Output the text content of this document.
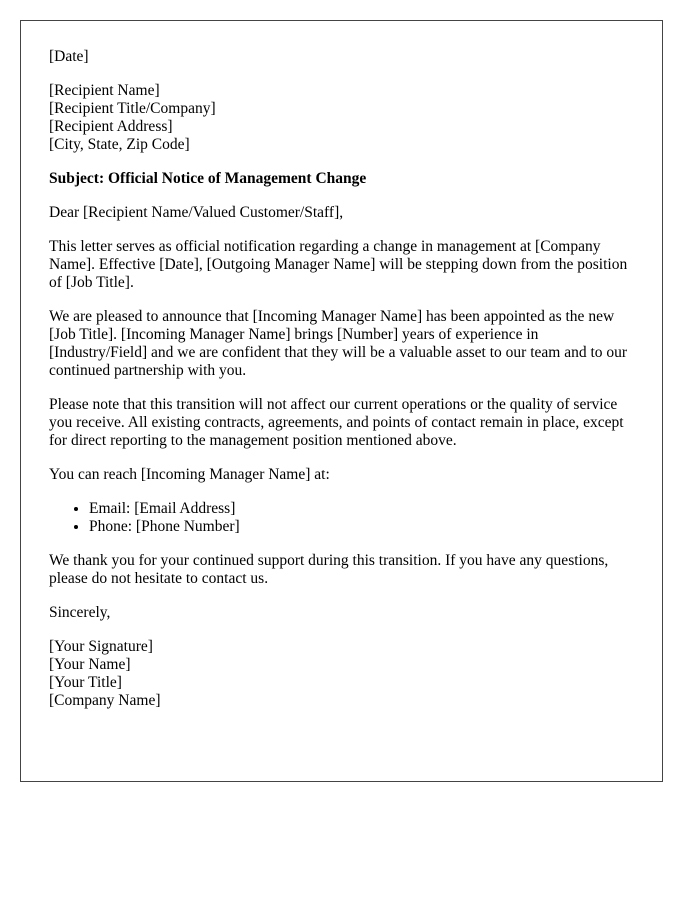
[Date]

[Recipient Name]
[Recipient Title/Company]
[Recipient Address]
[City, State, Zip Code]

Subject: Official Notice of Management Change

Dear [Recipient Name/Valued Customer/Staff],

This letter serves as official notification regarding a change in management at [Company Name]. Effective [Date], [Outgoing Manager Name] will be stepping down from the position of [Job Title].

We are pleased to announce that [Incoming Manager Name] has been appointed as the new [Job Title]. [Incoming Manager Name] brings [Number] years of experience in [Industry/Field] and we are confident that they will be a valuable asset to our team and to our continued partnership with you.

Please note that this transition will not affect our current operations or the quality of service you receive. All existing contracts, agreements, and points of contact remain in place, except for direct reporting to the management position mentioned above.

You can reach [Incoming Manager Name] at:

• Email: [Email Address]
• Phone: [Phone Number]

We thank you for your continued support during this transition. If you have any questions, please do not hesitate to contact us.

Sincerely,

[Your Signature]
[Your Name]
[Your Title]
[Company Name]
